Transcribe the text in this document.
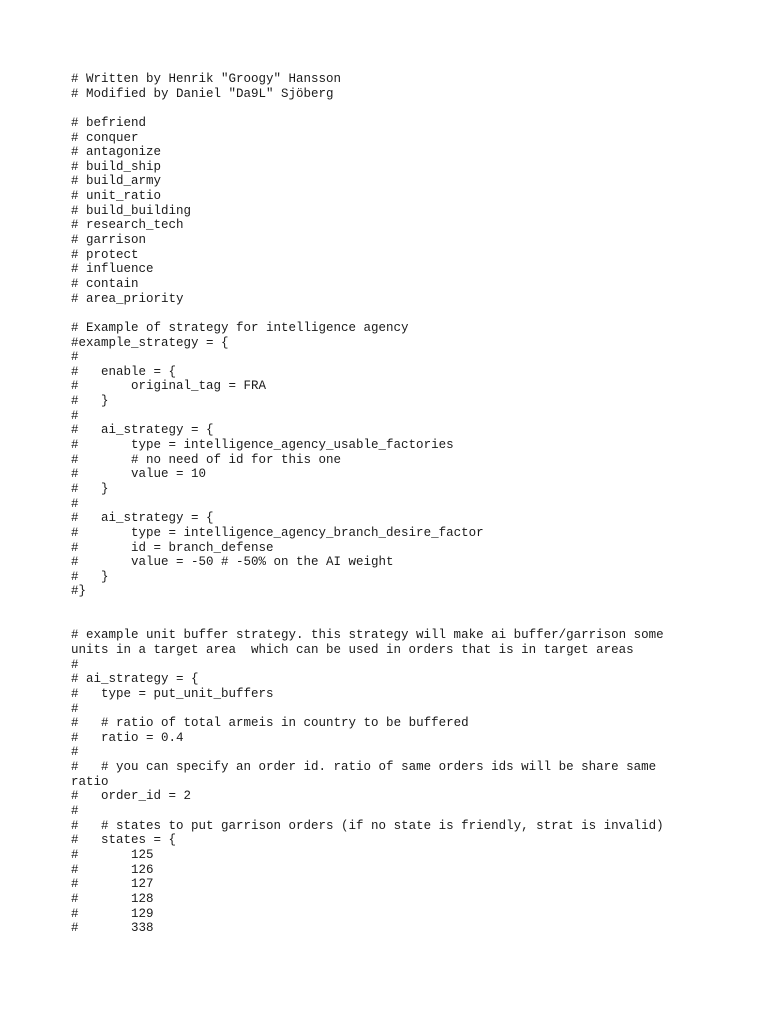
# Written by Henrik "Groogy" Hansson
# Modified by Daniel "Da9L" Sjöberg
# befriend
# conquer
# antagonize
# build_ship
# build_army
# unit_ratio
# build_building
# research_tech
# garrison
# protect
# influence
# contain
# area_priority
# Example of strategy for intelligence agency
#example_strategy = {
#
#	enable = {
#		original_tag = FRA
#	}
#
#	ai_strategy = {
#		type = intelligence_agency_usable_factories
#		# no need of id for this one
#		value = 10
#	}
#
#	ai_strategy = {
#		type = intelligence_agency_branch_desire_factor
#		id = branch_defense
#		value = -50	# -50% on the AI weight
#	}
#}
# example unit buffer strategy. this strategy will make ai buffer/garrison some
units in a target area  which can be used in orders that is in target areas
#
# ai_strategy = {
#	type = put_unit_buffers
#
#	# ratio of total armeis in country to be buffered
#	ratio = 0.4
#
#	# you can specify an order id. ratio of same orders ids will be share same
ratio
#	order_id = 2
#
#	# states to put garrison orders (if no state is friendly, strat is invalid)
#	states = {
#		125
#		126
#		127
#		128
#		129
#		338
